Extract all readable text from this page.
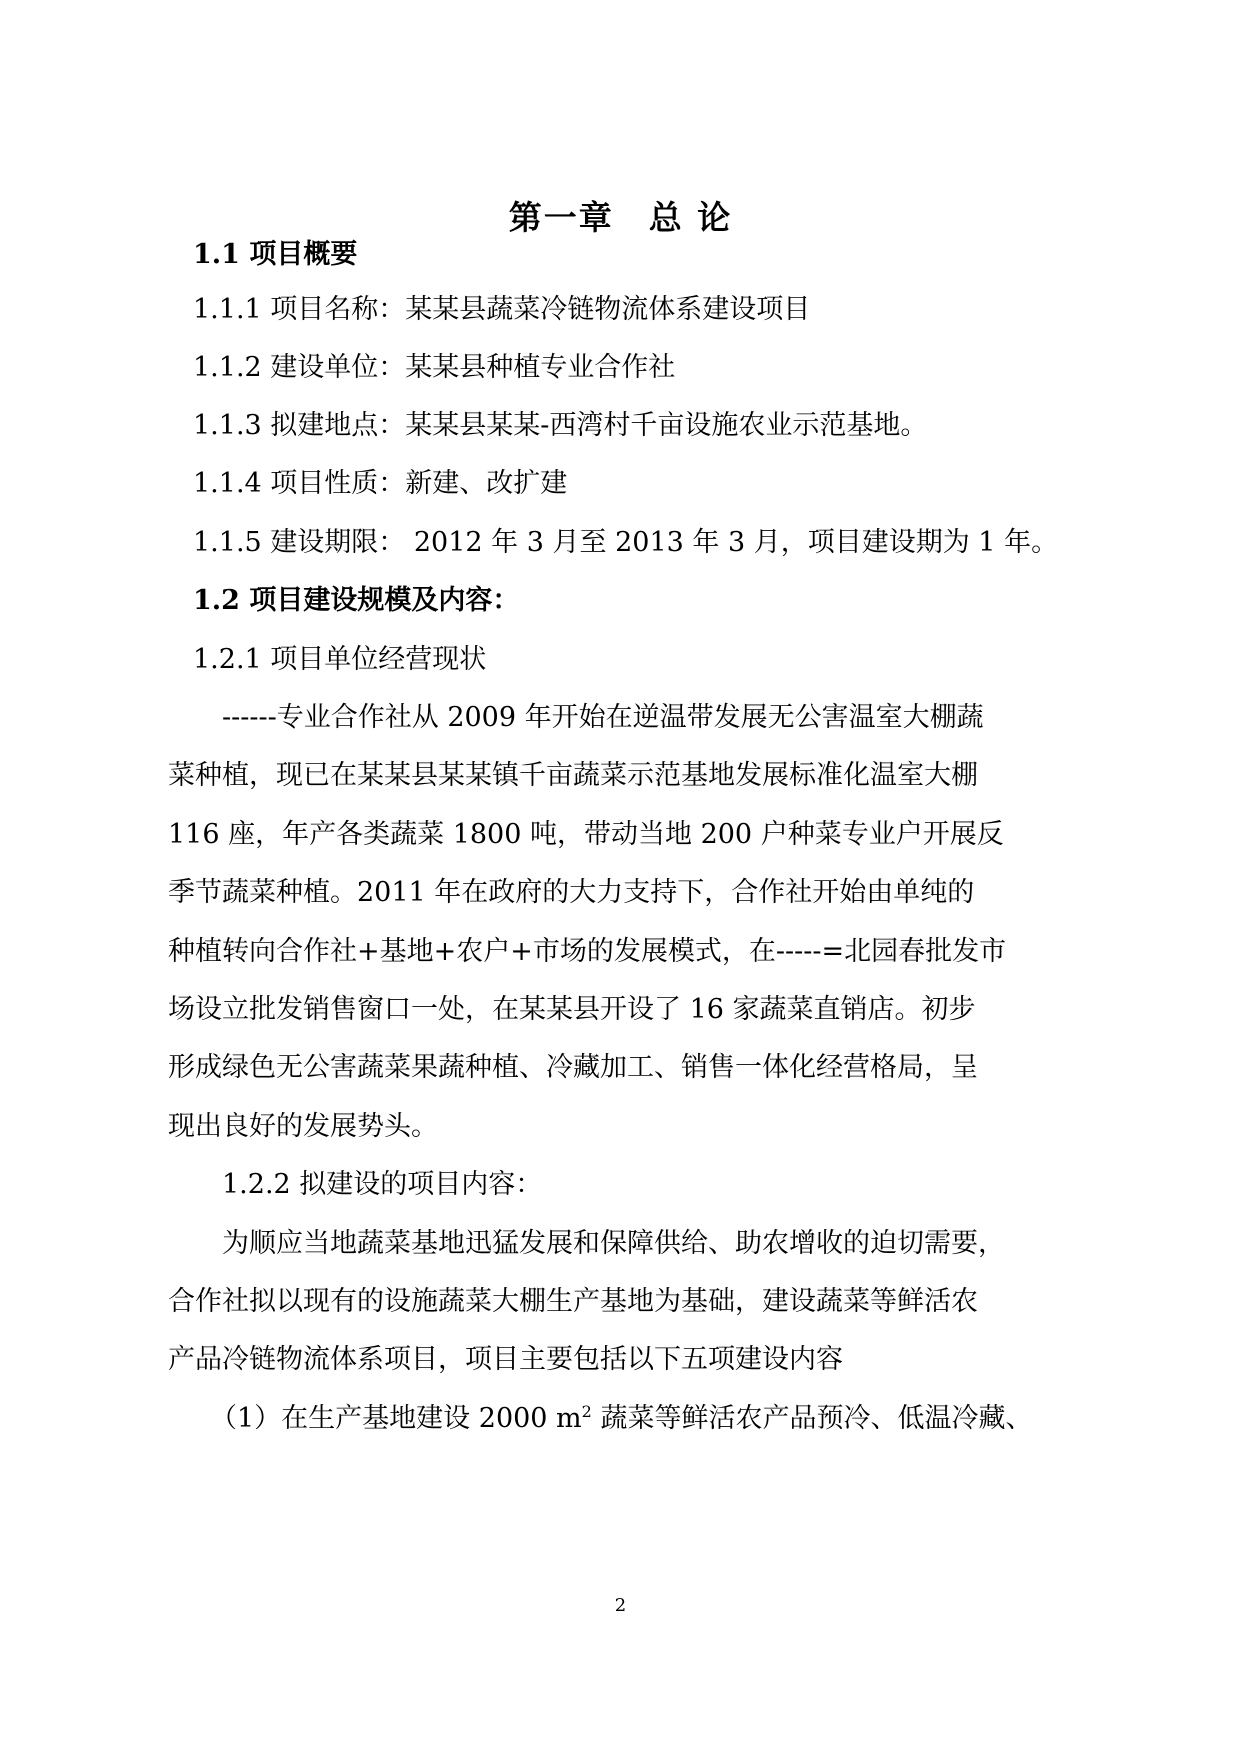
第一章　总 论
1.1 项目概要
1.1.1 项目名称：某某县蔬菜冷链物流体系建设项目
1.1.2 建设单位：某某县种植专业合作社
1.1.3 拟建地点：某某县某某-西湾村千亩设施农业示范基地。
1.1.4 项目性质：新建、改扩建
1.1.5 建设期限： 2012 年 3 月至 2013 年 3 月，项目建设期为 1 年。
1.2 项目建设规模及内容：
1.2.1 项目单位经营现状
------专业合作社从 2009 年开始在逆温带发展无公害温室大棚蔬
菜种植，现已在某某县某某镇千亩蔬菜示范基地发展标准化温室大棚
116 座，年产各类蔬菜 1800 吨，带动当地 200 户种菜专业户开展反
季节蔬菜种植。2011 年在政府的大力支持下，合作社开始由单纯的
种植转向合作社+基地+农户+市场的发展模式，在-----=北园春批发市
场设立批发销售窗口一处，在某某县开设了 16 家蔬菜直销店。初步
形成绿色无公害蔬菜果蔬种植、冷藏加工、销售一体化经营格局，呈
现出良好的发展势头。
1.2.2 拟建设的项目内容：
为顺应当地蔬菜基地迅猛发展和保障供给、助农增收的迫切需要，
合作社拟以现有的设施蔬菜大棚生产基地为基础，建设蔬菜等鲜活农
产品冷链物流体系项目，项目主要包括以下五项建设内容
（1）在生产基地建设 2000 $m^2$ 蔬菜等鲜活农产品预冷、低温冷藏、
2
